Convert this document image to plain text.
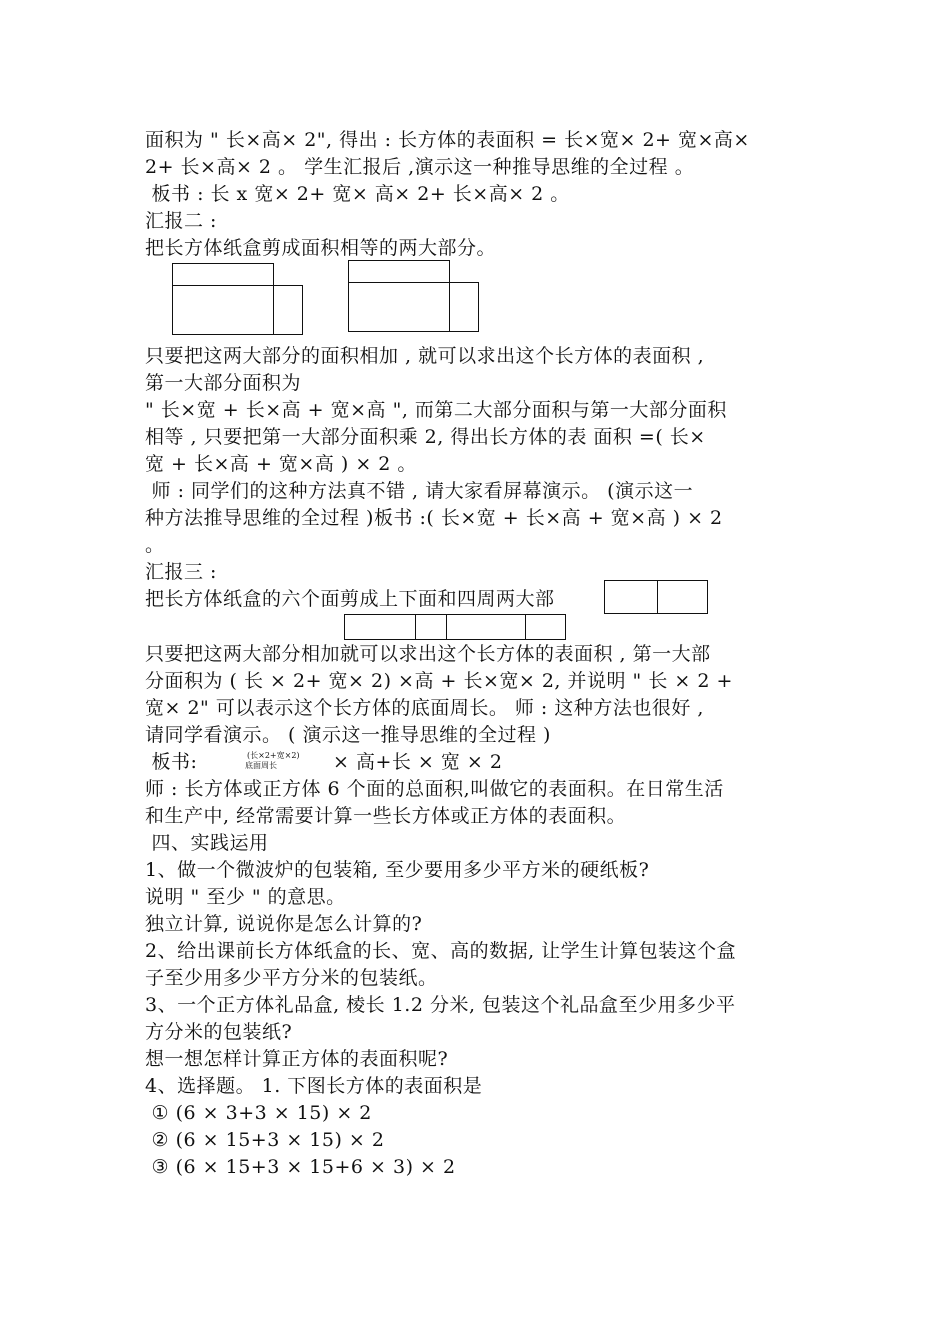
面积为 " 长×高× 2", 得出 : 长方体的表面积 = 长×宽× 2+ 宽×高×
2+ 长×高× 2 。 学生汇报后 ,演示这一种推导思维的全过程 。
板书 : 长 x 宽× 2+ 宽× 高× 2+ 长×高× 2 。
汇报二 :
把长方体纸盒剪成面积相等的两大部分。
只要把这两大部分的面积相加 , 就可以求出这个长方体的表面积 ,
第一大部分面积为
" 长×宽 + 长×高 + 宽×高 ", 而第二大部分面积与第一大部分面积
相等 , 只要把第一大部分面积乘 2, 得出长方体的表 面积 =( 长×
宽 + 长×高 + 宽×高 ) × 2 。
师 : 同学们的这种方法真不错 , 请大家看屏幕演示。 (演示这一
种方法推导思维的全过程 )板书 :( 长×宽 + 长×高 + 宽×高 ) × 2
。
汇报三 :
把长方体纸盒的六个面剪成上下面和四周两大部
只要把这两大部分相加就可以求出这个长方体的表面积 , 第一大部
分面积为 ( 长 × 2+ 宽× 2) ×高 + 长×宽× 2, 并说明 " 长 × 2 +
宽× 2" 可以表示这个长方体的底面周长。 师 : 这种方法也很好 ,
请同学看演示。 ( 演示这一推导思维的全过程 )
板书:	(长×2+宽×2)
底面周长	× 高+长 × 宽 × 2
师 : 长方体或正方体 6 个面的总面积,叫做它的表面积。在日常生活
和生产中, 经常需要计算一些长方体或正方体的表面积。
四、实践运用
1、做一个微波炉的包装箱, 至少要用多少平方米的硬纸板?
说明 " 至少 " 的意思。
独立计算, 说说你是怎么计算的?
2、给出课前长方体纸盒的长、宽、高的数据, 让学生计算包装这个盒
子至少用多少平方分米的包装纸。
3、一个正方体礼品盒, 棱长 1.2 分米, 包装这个礼品盒至少用多少平
方分米的包装纸?
想一想怎样计算正方体的表面积呢?
4、选择题。 1. 下图长方体的表面积是
① (6 × 3+3 × 15) × 2
② (6 × 15+3 × 15) × 2
③ (6 × 15+3 × 15+6 × 3) × 2
